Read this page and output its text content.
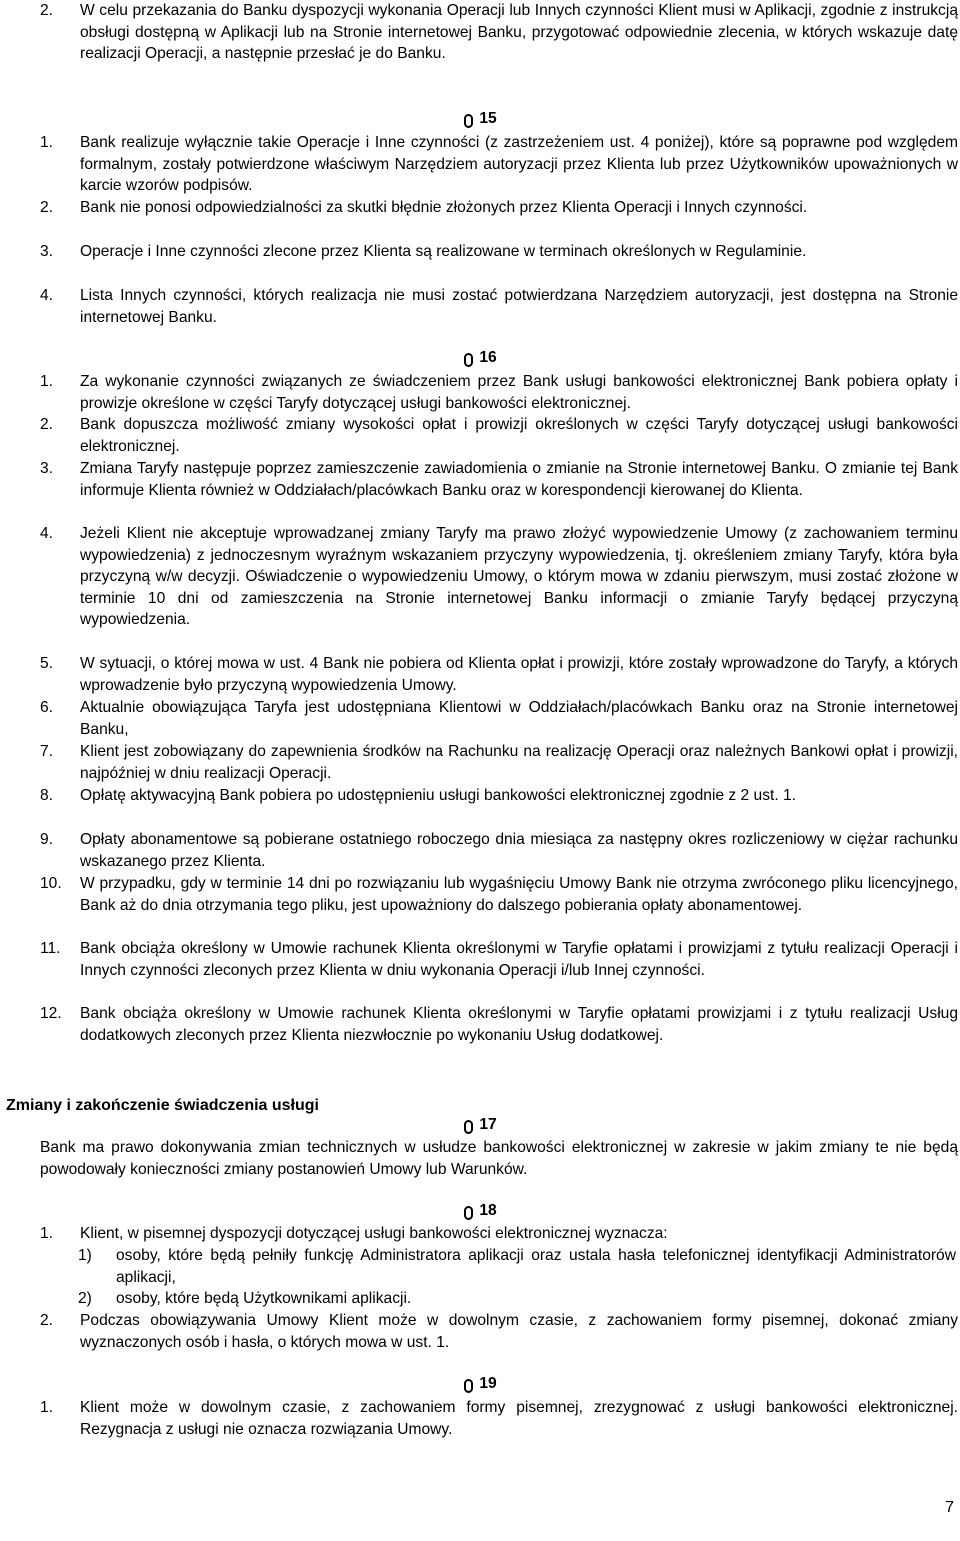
2.	W celu przekazania do Banku dyspozycji wykonania Operacji lub Innych czynności Klient musi w Aplikacji, zgodnie z instrukcją obsługi dostępną w Aplikacji lub na Stronie internetowej Banku, przygotować odpowiednie zlecenia, w których wskazuje datę realizacji Operacji, a następnie przesłać je do Banku.
15
1.	Bank realizuje wyłącznie takie Operacje i Inne czynności (z zastrzeżeniem ust. 4 poniżej), które są poprawne pod względem formalnym, zostały potwierdzone właściwym Narzędziem autoryzacji przez Klienta lub przez Użytkowników upoważnionych w karcie wzorów podpisów.
2.	Bank nie ponosi odpowiedzialności za skutki błędnie złożonych przez Klienta Operacji i Innych czynności.
3.	Operacje i Inne czynności zlecone przez Klienta są realizowane w terminach określonych w Regulaminie.
4.	Lista Innych czynności, których realizacja nie musi zostać potwierdzana Narzędziem autoryzacji, jest dostępna na Stronie internetowej Banku.
16
1.	Za wykonanie czynności związanych ze świadczeniem przez Bank usługi bankowości elektronicznej Bank pobiera opłaty i prowizje określone w części Taryfy dotyczącej usługi bankowości elektronicznej.
2.	Bank dopuszcza możliwość zmiany wysokości opłat i prowizji określonych w części Taryfy dotyczącej usługi bankowości elektronicznej.
3.	Zmiana Taryfy następuje poprzez zamieszczenie zawiadomienia o zmianie na Stronie internetowej Banku. O zmianie tej Bank informuje Klienta również w Oddziałach/placówkach Banku oraz w korespondencji kierowanej do Klienta.
4.	Jeżeli Klient nie akceptuje wprowadzanej zmiany Taryfy ma prawo złożyć wypowiedzenie Umowy (z zachowaniem terminu wypowiedzenia) z jednoczesnym wyraźnym wskazaniem przyczyny wypowiedzenia, tj. określeniem zmiany Taryfy, która była przyczyną w/w decyzji. Oświadczenie o wypowiedzeniu Umowy, o którym mowa w zdaniu pierwszym, musi zostać złożone w terminie 10 dni od zamieszczenia na Stronie internetowej Banku informacji o zmianie Taryfy będącej przyczyną wypowiedzenia.
5.	W sytuacji, o której mowa w ust. 4 Bank nie pobiera od Klienta opłat i prowizji, które zostały wprowadzone do Taryfy, a których wprowadzenie było przyczyną wypowiedzenia Umowy.
6.	Aktualnie obowiązująca Taryfa jest udostępniana Klientowi w Oddziałach/placówkach Banku oraz na Stronie internetowej Banku,
7.	Klient jest zobowiązany do zapewnienia środków na Rachunku na realizację Operacji oraz należnych Bankowi opłat i prowizji, najpóźniej w dniu realizacji Operacji.
8.	Opłatę aktywacyjną Bank pobiera po udostępnieniu usługi bankowości elektronicznej zgodnie z 2 ust. 1.
9.	Opłaty abonamentowe są pobierane ostatniego roboczego dnia miesiąca za następny okres rozliczeniowy w ciężar rachunku wskazanego przez Klienta.
10.	W przypadku, gdy w terminie 14 dni po rozwiązaniu lub wygaśnięciu Umowy Bank nie otrzyma zwróconego pliku licencyjnego, Bank aż do dnia otrzymania tego pliku, jest upoważniony do dalszego pobierania opłaty abonamentowej.
11.	Bank obciąża określony w Umowie rachunek Klienta określonymi w Taryfie opłatami i prowizjami z tytułu realizacji Operacji i Innych czynności zleconych przez Klienta w dniu wykonania Operacji i/lub Innej czynności.
12.	Bank obciąża określony w Umowie rachunek Klienta określonymi w Taryfie opłatami prowizjami i z tytułu realizacji Usług dodatkowych zleconych przez Klienta niezwłocznie po wykonaniu Usług dodatkowej.
Zmiany i zakończenie świadczenia usługi
17
Bank ma prawo dokonywania zmian technicznych w usłudze bankowości elektronicznej w zakresie w jakim zmiany te nie będą powodowały konieczności zmiany postanowień Umowy lub Warunków.
18
1.	Klient, w pisemnej dyspozycji dotyczącej usługi bankowości elektronicznej wyznacza:
1)	osoby, które będą pełniły funkcję Administratora aplikacji oraz ustala hasła telefonicznej identyfikacji Administratorów aplikacji,
2)	osoby, które będą Użytkownikami aplikacji.
2.	Podczas obowiązywania Umowy Klient może w dowolnym czasie, z zachowaniem formy pisemnej, dokonać zmiany wyznaczonych osób i hasła, o których mowa w ust. 1.
19
1.	Klient może w dowolnym czasie, z zachowaniem formy pisemnej, zrezygnować z usługi bankowości elektronicznej. Rezygnacja z usługi nie oznacza rozwiązania Umowy.
7
